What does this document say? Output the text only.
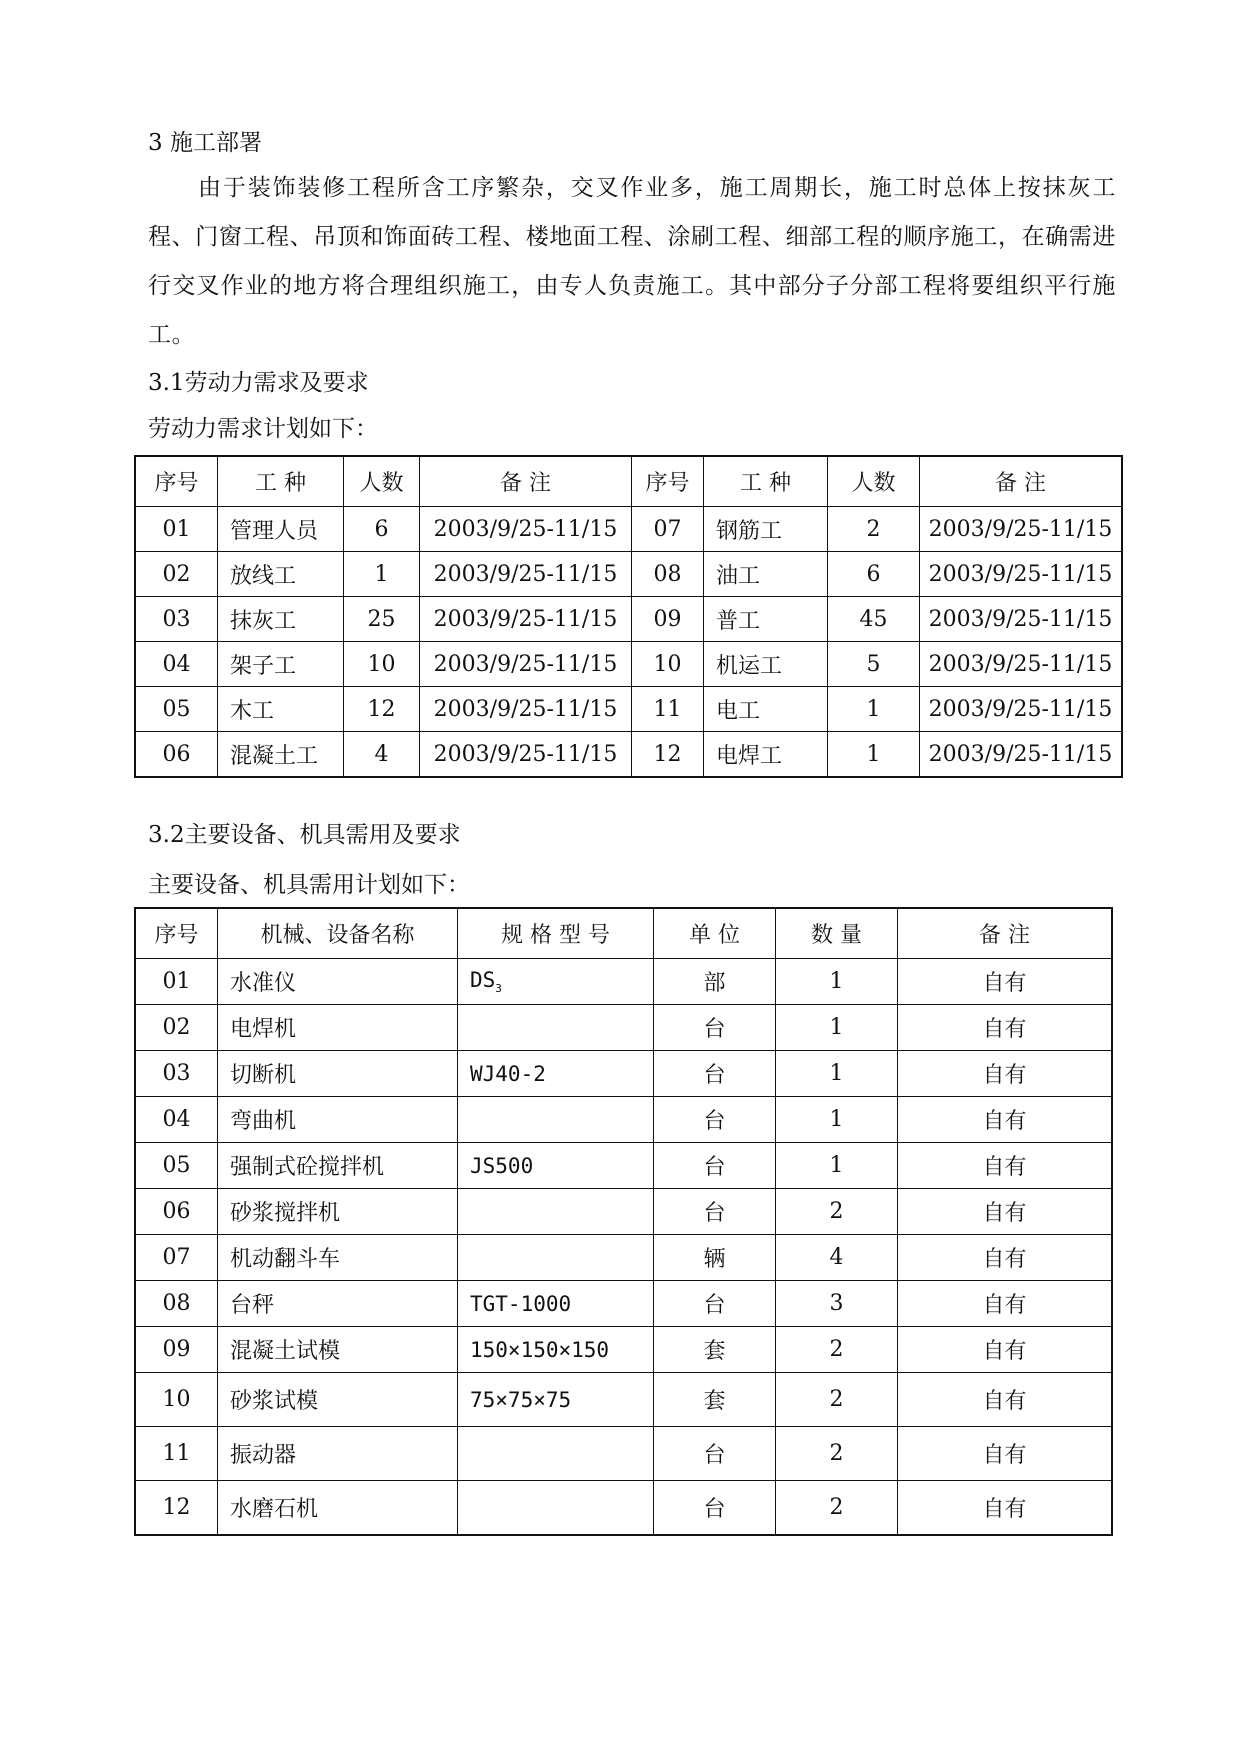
3 施工部署
由于装饰装修工程所含工序繁杂，交叉作业多，施工周期长，施工时总体上按抹灰工程、门窗工程、吊顶和饰面砖工程、楼地面工程、涂刷工程、细部工程的顺序施工，在确需进行交叉作业的地方将合理组织施工，由专人负责施工。其中部分子分部工程将要组织平行施工。
3.1劳动力需求及要求
劳动力需求计划如下：
序号	工 种	人数	备 注	序号	工 种	人数	备 注
01	管理人员	6	2003/9/25-11/15	07	钢筋工	2	2003/9/25-11/15
02	放线工	1	2003/9/25-11/15	08	油工	6	2003/9/25-11/15
03	抹灰工	25	2003/9/25-11/15	09	普工	45	2003/9/25-11/15
04	架子工	10	2003/9/25-11/15	10	机运工	5	2003/9/25-11/15
05	木工	12	2003/9/25-11/15	11	电工	1	2003/9/25-11/15
06	混凝土工	4	2003/9/25-11/15	12	电焊工	1	2003/9/25-11/15
3.2主要设备、机具需用及要求
主要设备、机具需用计划如下：
序号	机械、设备名称	规 格 型 号	单 位	数 量	备 注
01	水准仪	$DS_3$	部	1	自有
02	电焊机		台	1	自有
03	切断机	WJ40-2	台	1	自有
04	弯曲机		台	1	自有
05	强制式砼搅拌机	JS500	台	1	自有
06	砂浆搅拌机		台	2	自有
07	机动翻斗车		辆	4	自有
08	台秤	TGT-1000	台	3	自有
09	混凝土试模	150×150×150	套	2	自有
10	砂浆试模	75×75×75	套	2	自有
11	振动器		台	2	自有
12	水磨石机		台	2	自有
